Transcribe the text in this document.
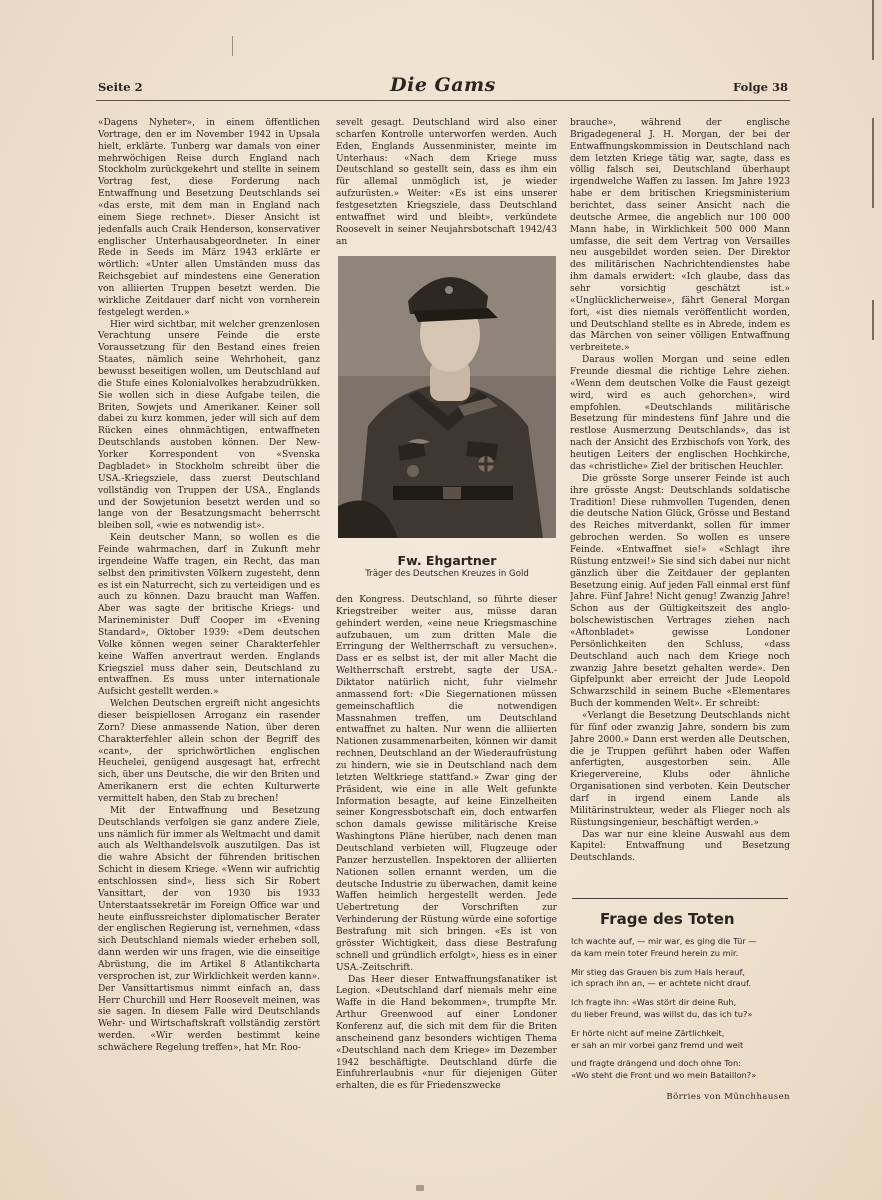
Seite 2	Die Gams	Folge 38

«Dagens Nyheter», in einem öffentlichen Vortrage, den er im November 1942 in Upsala hielt, erklärte. Tunberg war damals von einer mehrwöchigen Reise durch England nach Stockholm zurückgekehrt und stellte in seinem Vortrag fest, diese Forderung nach Entwaffnung und Besetzung Deutschlands sei «das erste, mit dem man in England nach einem Siege rechnet». Dieser Ansicht ist jedenfalls auch Craik Henderson, konservativer englischer Unterhausabgeordneter. In einer Rede in Seeds im März 1943 erklärte er wörtlich: «Unter allen Umständen muss das Reichsgebiet auf mindestens eine Generation von alliierten Truppen besetzt werden. Die wirkliche Zeitdauer darf nicht von vornherein festgelegt werden.»

Hier wird sichtbar, mit welcher grenzenlosen Verachtung unsere Feinde die erste Voraussetzung für den Bestand eines freien Staates, nämlich seine Wehrhoheit, ganz bewusst beseitigen wollen, um Deutschland auf die Stufe eines Kolonialvolkes herabzudrükken. Sie wollen sich in diese Aufgabe teilen, die Briten, Sowjets und Amerikaner. Keiner soll dabei zu kurz kommen, jeder will sich auf dem Rücken eines ohnmächtigen, entwaffneten Deutschlands austoben können. Der New-Yorker Korrespondent von «Svenska Dagbladet» in Stockholm schreibt über die USA.-Kriegsziele, dass zuerst Deutschland vollständig von Truppen der USA., Englands und der Sowjetunion besetzt werden und so lange von der Besatzungsmacht beherrscht bleiben soll, «wie es notwendig ist».

Kein deutscher Mann, so wollen es die Feinde wahrmachen, darf in Zukunft mehr irgendeine Waffe tragen, ein Recht, das man selbst den primitivsten Völkern zugesteht, denn es ist ein Naturrecht, sich zu verteidigen und es auch zu können. Dazu braucht man Waffen. Aber was sagte der britische Kriegs- und Marineminister Duff Cooper im «Evening Standard», Oktober 1939: «Dem deutschen Volke können wegen seiner Charakterfehler keine Waffen anvertraut werden. Englands Kriegsziel muss daher sein, Deutschland zu entwaffnen. Es muss unter internationale Aufsicht gestellt werden.»

Welchen Deutschen ergreift nicht angesichts dieser beispiellosen Arroganz ein rasender Zorn? Diese anmassende Nation, über deren Charakterfehler allein schon der Begriff des «cant», der sprichwörtlichen englischen Heuchelei, genügend ausgesagt hat, erfrecht sich, über uns Deutsche, die wir den Briten und Amerikanern erst die echten Kulturwerte vermittelt haben, den Stab zu brechen!

Mit der Entwaffnung und Besetzung Deutschlands verfolgen sie ganz andere Ziele, uns nämlich für immer als Weltmacht und damit auch als Welthandelsvolk auszutilgen. Das ist die wahre Absicht der führenden britischen Schicht in diesem Kriege. «Wenn wir aufrichtig entschlossen sind», liess sich Sir Robert Vansittart, der von 1930 bis 1933 Unterstaatssekretär im Foreign Office war und heute einflussreichster diplomatischer Berater der englischen Regierung ist, vernehmen, «dass sich Deutschland niemals wieder erheben soll, dann werden wir uns fragen, wie die einseitige Abrüstung, die im Artikel 8 Atlantikcharta versprochen ist, zur Wirklichkeit werden kann». Der Vansittartismus nimmt einfach an, dass Herr Churchill und Herr Roosevelt meinen, was sie sagen. In diesem Falle wird Deutschlands Wehr- und Wirtschaftskraft vollständig zerstört werden. «Wir werden bestimmt keine schwächere Regelung treffen», hat Mr. Roo-

sevelt gesagt. Deutschland wird also einer scharfen Kontrolle unterworfen werden. Auch Eden, Englands Aussenminister, meinte im Unterhaus: «Nach dem Kriege muss Deutschland so gestellt sein, dass es ihm ein für allemal unmöglich ist, je wieder aufzurüsten.» Weiter: «Es ist eins unserer festgesetzten Kriegsziele, dass Deutschland entwaffnet wird und bleibt», verkündete Roosevelt in seiner Neujahrsbotschaft 1942/43 an

Fw. Ehgartner
Träger des Deutschen Kreuzes in Gold

den Kongress. Deutschland, so führte dieser Kriegstreiber weiter aus, müsse daran gehindert werden, «eine neue Kriegsmaschine aufzubauen, um zum dritten Male die Erringung der Weltherrschaft zu versuchen». Dass er es selbst ist, der mit aller Macht die Weltherrschaft erstrebt, sagte der USA.-Diktator natürlich nicht, fuhr vielmehr anmassend fort: «Die Siegernationen müssen gemeinschaftlich die notwendigen Massnahmen treffen, um Deutschland entwaffnet zu halten. Nur wenn die alliierten Nationen zusammenarbeiten, können wir damit rechnen, Deutschland an der Wiederaufrüstung zu hindern, wie sie in Deutschland nach dem letzten Weltkriege stattfand.» Zwar ging der Präsident, wie eine in alle Welt gefunkte Information besagte, auf keine Einzelheiten seiner Kongressbotschaft ein, doch entwarfen schon damals gewisse militärische Kreise Washingtons Pläne hierüber, nach denen man Deutschland verbieten will, Flugzeuge oder Panzer herzustellen. Inspektoren der alliierten Nationen sollen ernannt werden, um die deutsche Industrie zu überwachen, damit keine Waffen heimlich hergestellt werden. Jede Uebertretung der Vorschriften zur Verhinderung der Rüstung würde eine sofortige Bestrafung mit sich bringen. «Es ist von grösster Wichtigkeit, dass diese Bestrafung schnell und gründlich erfolgt», hiess es in einer USA.-Zeitschrift.

Das Heer dieser Entwaffnungsfanatiker ist Legion. «Deutschland darf niemals mehr eine Waffe in die Hand bekommen», trumpfte Mr. Arthur Greenwood auf einer Londoner Konferenz auf, die sich mit dem für die Briten anscheinend ganz besonders wichtigen Thema «Deutschland nach dem Kriege» im Dezember 1942 beschäftigte. Deutschland dürfe die Einfuhrerlaubnis «nur für diejenigen Güter erhalten, die es für Friedenszwecke

brauche», während der englische Brigadegeneral J. H. Morgan, der bei der Entwaffnungskommission in Deutschland nach dem letzten Kriege tätig war, sagte, dass es völlig falsch sei, Deutschland überhaupt irgendwelche Waffen zu lassen. Im Jahre 1923 habe er dem britischen Kriegsministerium berichtet, dass seiner Ansicht nach die deutsche Armee, die angeblich nur 100 000 Mann habe, in Wirklichkeit 500 000 Mann umfasse, die seit dem Vertrag von Versailles neu ausgebildet worden seien. Der Direktor des militärischen Nachrichtendienstes habe ihm damals erwidert: «Ich glaube, dass das sehr vorsichtig geschätzt ist.» «Unglücklicherweise», fährt General Morgan fort, «ist dies niemals veröffentlicht worden, und Deutschland stellte es in Abrede, indem es das Märchen von seiner völligen Entwaffnung verbreitete.»

Daraus wollen Morgan und seine edlen Freunde diesmal die richtige Lehre ziehen. «Wenn dem deutschen Volke die Faust gezeigt wird, wird es auch gehorchen», wird empfohlen. «Deutschlands militärische Besetzung für mindestens fünf Jahre und die restlose Ausmerzung Deutschlands», das ist nach der Ansicht des Erzbischofs von York, des heutigen Leiters der englischen Hochkirche, das «christliche» Ziel der britischen Heuchler.

Die grösste Sorge unserer Feinde ist auch ihre grösste Angst: Deutschlands soldatische Tradition! Diese ruhmvollen Tugenden, denen die deutsche Nation Glück, Grösse und Bestand des Reiches mitverdankt, sollen für immer gebrochen werden. So wollen es unsere Feinde. «Entwaffnet sie!» «Schlagt ihre Rüstung entzwei!» Sie sind sich dabei nur nicht gänzlich über die Zeitdauer der geplanten Besetzung einig. Auf jeden Fall einmal erst fünf Jahre. Fünf Jahre! Nicht genug! Zwanzig Jahre! Schon aus der Gültigkeitszeit des anglo-bolschewistischen Vertrages ziehen nach «Aftonbladet» gewisse Londoner Persönlichkeiten den Schluss, «dass Deutschland auch nach dem Kriege noch zwanzig Jahre besetzt gehalten werde». Den Gipfelpunkt aber erreicht der Jude Leopold Schwarzschild in seinem Buche «Elementares Buch der kommenden Welt». Er schreibt:

«Verlangt die Besetzung Deutschlands nicht für fünf oder zwanzig Jahre, sondern bis zum Jahre 2000.» Dann erst werden alle Deutschen, die je Truppen geführt haben oder Waffen anfertigten, ausgestorben sein. Alle Kriegervereine, Klubs oder ähnliche Organisationen sind verboten. Kein Deutscher darf in irgend einem Lande als Militärinstrukteur, weder als Flieger noch als Rüstungsingenieur, beschäftigt werden.»

Das war nur eine kleine Auswahl aus dem Kapitel: Entwaffnung und Besetzung Deutschlands.

Frage des Toten
Ich wachte auf, — mir war, es ging die Tür —
da kam mein toter Freund herein zu mir.
Mir stieg das Grauen bis zum Hals herauf,
ich sprach ihn an, — er achtete nicht drauf.
Ich fragte ihn: «Was stört dir deine Ruh,
du lieber Freund, was willst du, das ich tu?»
Er hörte nicht auf meine Zärtlichkeit,
er sah an mir vorbei ganz fremd und weit
und fragte drängend und doch ohne Ton:
«Wo steht die Front und wo mein Bataillon?»
Börries von Münchhausen
